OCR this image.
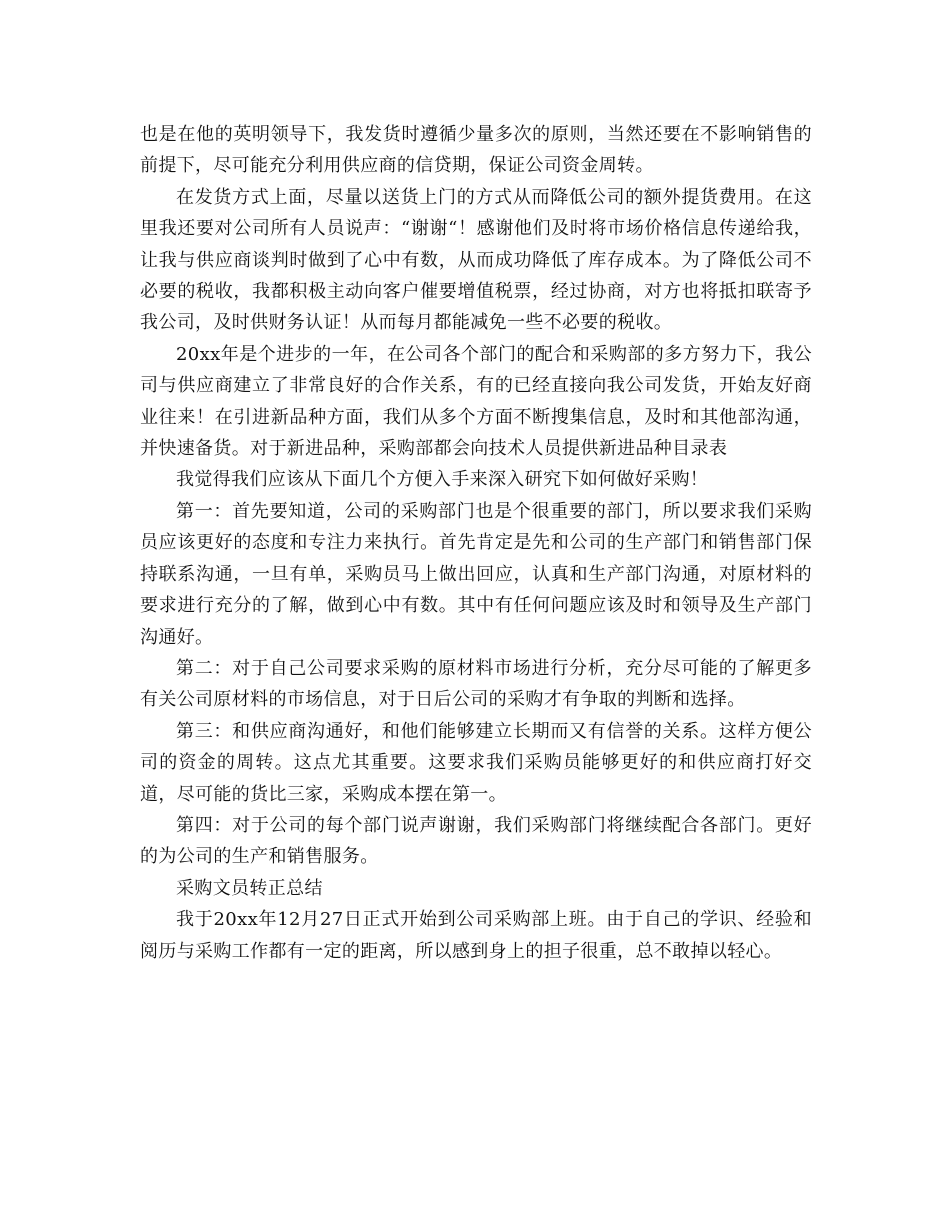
也是在他的英明领导下，我发货时遵循少量多次的原则，当然还要在不影响销售的前提下，尽可能充分利用供应商的信贷期，保证公司资金周转。

在发货方式上面，尽量以送货上门的方式从而降低公司的额外提货费用。在这里我还要对公司所有人员说声：“谢谢“！感谢他们及时将市场价格信息传递给我，让我与供应商谈判时做到了心中有数，从而成功降低了库存成本。为了降低公司不必要的税收，我都积极主动向客户催要增值税票，经过协商，对方也将抵扣联寄予我公司，及时供财务认证！从而每月都能减免一些不必要的税收。

20xx年是个进步的一年，在公司各个部门的配合和采购部的多方努力下，我公司与供应商建立了非常良好的合作关系，有的已经直接向我公司发货，开始友好商业往来！在引进新品种方面，我们从多个方面不断搜集信息，及时和其他部沟通，并快速备货。对于新进品种，采购部都会向技术人员提供新进品种目录表

我觉得我们应该从下面几个方便入手来深入研究下如何做好采购！

第一：首先要知道，公司的采购部门也是个很重要的部门，所以要求我们采购员应该更好的态度和专注力来执行。首先肯定是先和公司的生产部门和销售部门保持联系沟通，一旦有单，采购员马上做出回应，认真和生产部门沟通，对原材料的要求进行充分的了解，做到心中有数。其中有任何问题应该及时和领导及生产部门沟通好。

第二：对于自己公司要求采购的原材料市场进行分析，充分尽可能的了解更多有关公司原材料的市场信息，对于日后公司的采购才有争取的判断和选择。

第三：和供应商沟通好，和他们能够建立长期而又有信誉的关系。这样方便公司的资金的周转。这点尤其重要。这要求我们采购员能够更好的和供应商打好交道，尽可能的货比三家，采购成本摆在第一。

第四：对于公司的每个部门说声谢谢，我们采购部门将继续配合各部门。更好的为公司的生产和销售服务。

采购文员转正总结

我于20xx年12月27日正式开始到公司采购部上班。由于自己的学识、经验和阅历与采购工作都有一定的距离，所以感到身上的担子很重，总不敢掉以轻心。
